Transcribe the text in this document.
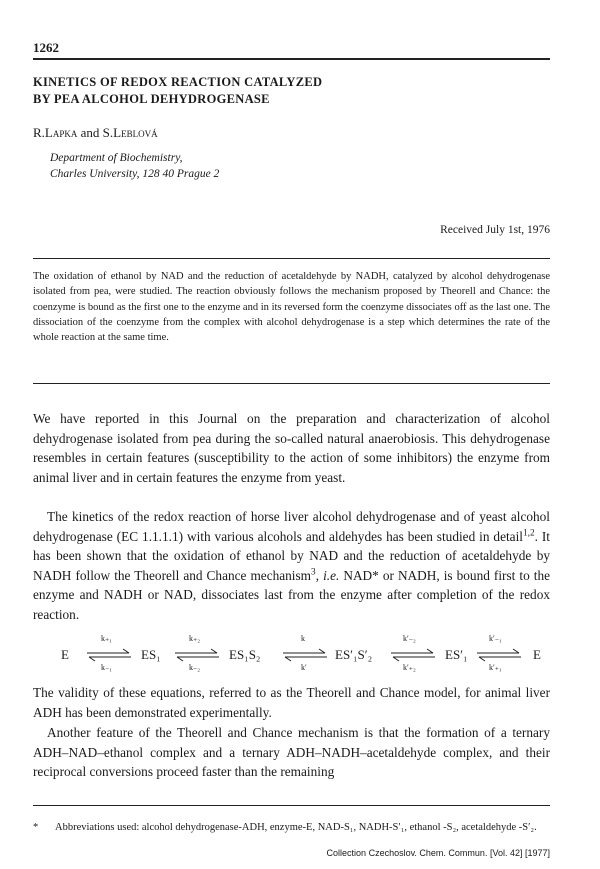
1262
KINETICS OF REDOX REACTION CATALYZED
BY PEA ALCOHOL DEHYDROGENASE
R.Lapka and S.Leblová
Department of Biochemistry,
Charles University, 128 40 Prague 2
Received July 1st, 1976
The oxidation of ethanol by NAD and the reduction of acetaldehyde by NADH, catalyzed by alcohol dehydrogenase isolated from pea, were studied. The reaction obviously follows the mechanism proposed by Theorell and Chance: the coenzyme is bound as the first one to the enzyme and in its reversed form the coenzyme dissociates off as the last one. The dissociation of the coenzyme from the complex with alcohol dehydrogenase is a step which determines the rate of the whole reaction at the same time.
We have reported in this Journal on the preparation and characterization of alcohol dehydrogenase isolated from pea during the so-called natural anaerobiosis. This dehydrogenase resembles in certain features (susceptibility to the action of some inhibitors) the enzyme from animal liver and in certain features the enzyme from yeast.
The kinetics of the redox reaction of horse liver alcohol dehydrogenase and of yeast alcohol dehydrogenase (EC 1.1.1.1) with various alcohols and aldehydes has been studied in detail$^{1,2}$. It has been shown that the oxidation of ethanol by NAD and the reduction of acetaldehyde by NADH follow the Theorell and Chance mechanism$^3$, i.e. NAD* or NADH, is bound first to the enzyme and NADH or NAD, dissociates last from the enzyme after completion of the redox reaction.
E ⇌
k₊₁
k₋₁
ES₁ ⇌
k₊₂
k₋₂
ES₁S₂
k
k′
ES′₁S′₂ ⇌
k′₋₂
k′₊₂
ES′₁ ⇌
k′₋₁
k′₊₁
E
The validity of these equations, referred to as the Theorell and Chance model, for animal liver ADH has been demonstrated experimentally.
Another feature of the Theorell and Chance mechanism is that the formation of a ternary ADH–NAD–ethanol complex and a ternary ADH–NADH–acetaldehyde complex, and their reciprocal conversions proceed faster than the remaining
* Abbreviations used: alcohol dehydrogenase-ADH, enzyme-E, NAD-S₁, NADH-S′₁, ethanol -S₂, acetaldehyde -S′₂.
Collection Czechoslov. Chem. Commun. [Vol. 42] [1977]
